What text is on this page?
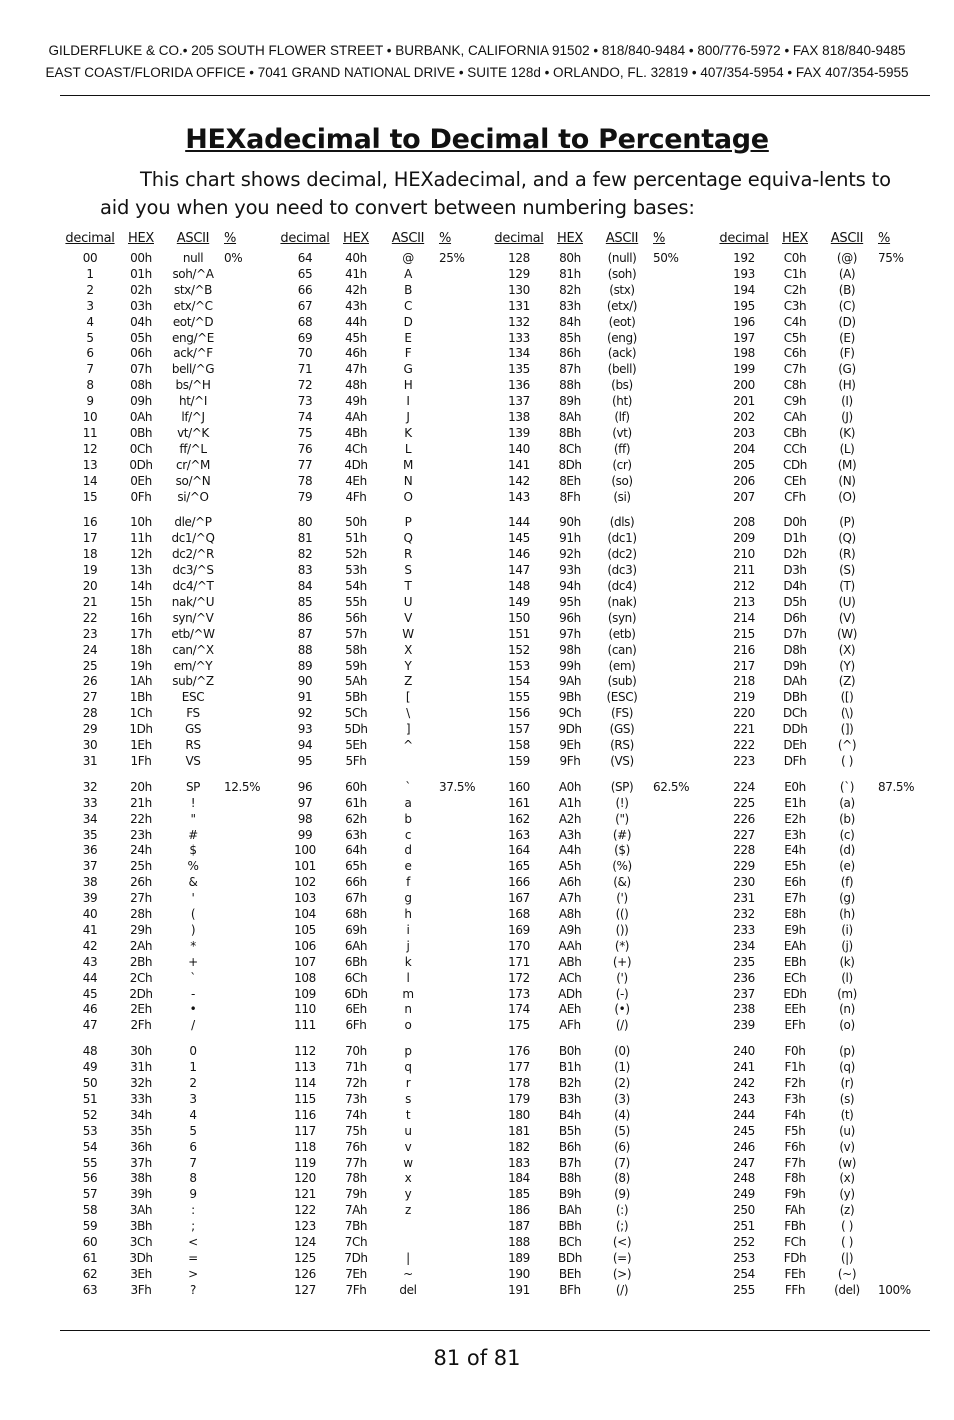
GILDERFLUKE & CO.• 205 SOUTH FLOWER STREET • BURBANK, CALIFORNIA 91502 • 818/840-9484 • 800/776-5972 • FAX 818/840-9485
EAST COAST/FLORIDA OFFICE • 7041 GRAND NATIONAL DRIVE • SUITE 128d • ORLANDO, FL. 32819 • 407/354-5954 • FAX 407/354-5955
HEXadecimal to Decimal to Percentage
This chart shows decimal, HEXadecimal, and a few percentage equiva-lents to aid you when you need to convert between numbering bases:
decimal	HEX	ASCII	%	decimal	HEX	ASCII	%	decimal	HEX	ASCII	%	decimal	HEX	ASCII	%
00	00h	null	0%
1	01h	soh/^A
2	02h	stx/^B
3	03h	etx/^C
4	04h	eot/^D
5	05h	eng/^E
6	06h	ack/^F
7	07h	bell/^G
8	08h	bs/^H
9	09h	ht/^I
10	0Ah	lf/^J
11	0Bh	vt/^K
12	0Ch	ff/^L
13	0Dh	cr/^M
14	0Eh	so/^N
15	0Fh	si/^O
16	10h	dle/^P
17	11h	dc1/^Q
18	12h	dc2/^R
19	13h	dc3/^S
20	14h	dc4/^T
21	15h	nak/^U
22	16h	syn/^V
23	17h	etb/^W
24	18h	can/^X
25	19h	em/^Y
26	1Ah	sub/^Z
27	1Bh	ESC
28	1Ch	FS
29	1Dh	GS
30	1Eh	RS
31	1Fh	VS
32	20h	SP	12.5%
33	21h	!
34	22h	"
35	23h	#
36	24h	$
37	25h	%
38	26h	&
39	27h	'
40	28h	(
41	29h	)
42	2Ah	*
43	2Bh	+
44	2Ch	`
45	2Dh	-
46	2Eh	•
47	2Fh	/
48	30h	0
49	31h	1
50	32h	2
51	33h	3
52	34h	4
53	35h	5
54	36h	6
55	37h	7
56	38h	8
57	39h	9
58	3Ah	:
59	3Bh	;
60	3Ch	<
61	3Dh	=
62	3Eh	>
63	3Fh	?
64	40h	@	25%
65	41h	A
66	42h	B
67	43h	C
68	44h	D
69	45h	E
70	46h	F
71	47h	G
72	48h	H
73	49h	I
74	4Ah	J
75	4Bh	K
76	4Ch	L
77	4Dh	M
78	4Eh	N
79	4Fh	O
80	50h	P
81	51h	Q
82	52h	R
83	53h	S
84	54h	T
85	55h	U
86	56h	V
87	57h	W
88	58h	X
89	59h	Y
90	5Ah	Z
91	5Bh	[
92	5Ch	\
93	5Dh	]
94	5Eh	^
95	5Fh
96	60h	`	37.5%
97	61h	a
98	62h	b
99	63h	c
100	64h	d
101	65h	e
102	66h	f
103	67h	g
104	68h	h
105	69h	i
106	6Ah	j
107	6Bh	k
108	6Ch	l
109	6Dh	m
110	6Eh	n
111	6Fh	o
112	70h	p
113	71h	q
114	72h	r
115	73h	s
116	74h	t
117	75h	u
118	76h	v
119	77h	w
120	78h	x
121	79h	y
122	7Ah	z
123	7Bh
124	7Ch
125	7Dh	|
126	7Eh	~
127	7Fh	del
128	80h	(null)	50%
129	81h	(soh)
130	82h	(stx)
131	83h	(etx/)
132	84h	(eot)
133	85h	(eng)
134	86h	(ack)
135	87h	(bell)
136	88h	(bs)
137	89h	(ht)
138	8Ah	(lf)
139	8Bh	(vt)
140	8Ch	(ff)
141	8Dh	(cr)
142	8Eh	(so)
143	8Fh	(si)
144	90h	(dls)
145	91h	(dc1)
146	92h	(dc2)
147	93h	(dc3)
148	94h	(dc4)
149	95h	(nak)
150	96h	(syn)
151	97h	(etb)
152	98h	(can)
153	99h	(em)
154	9Ah	(sub)
155	9Bh	(ESC)
156	9Ch	(FS)
157	9Dh	(GS)
158	9Eh	(RS)
159	9Fh	(VS)
160	A0h	(SP)	62.5%
161	A1h	(!)
162	A2h	(")
163	A3h	(#)
164	A4h	($)
165	A5h	(%)
166	A6h	(&)
167	A7h	(')
168	A8h	(()
169	A9h	())
170	AAh	(*)
171	ABh	(+)
172	ACh	(')
173	ADh	(-)
174	AEh	(•)
175	AFh	(/)
176	B0h	(0)
177	B1h	(1)
178	B2h	(2)
179	B3h	(3)
180	B4h	(4)
181	B5h	(5)
182	B6h	(6)
183	B7h	(7)
184	B8h	(8)
185	B9h	(9)
186	BAh	(:)
187	BBh	(;)
188	BCh	(<)
189	BDh	(=)
190	BEh	(>)
191	BFh	(/)
192	C0h	(@)	75%
193	C1h	(A)
194	C2h	(B)
195	C3h	(C)
196	C4h	(D)
197	C5h	(E)
198	C6h	(F)
199	C7h	(G)
200	C8h	(H)
201	C9h	(I)
202	CAh	(J)
203	CBh	(K)
204	CCh	(L)
205	CDh	(M)
206	CEh	(N)
207	CFh	(O)
208	D0h	(P)
209	D1h	(Q)
210	D2h	(R)
211	D3h	(S)
212	D4h	(T)
213	D5h	(U)
214	D6h	(V)
215	D7h	(W)
216	D8h	(X)
217	D9h	(Y)
218	DAh	(Z)
219	DBh	([)
220	DCh	(\)
221	DDh	(])
222	DEh	(^)
223	DFh	( )
224	E0h	(`)	87.5%
225	E1h	(a)
226	E2h	(b)
227	E3h	(c)
228	E4h	(d)
229	E5h	(e)
230	E6h	(f)
231	E7h	(g)
232	E8h	(h)
233	E9h	(i)
234	EAh	(j)
235	EBh	(k)
236	ECh	(l)
237	EDh	(m)
238	EEh	(n)
239	EFh	(o)
240	F0h	(p)
241	F1h	(q)
242	F2h	(r)
243	F3h	(s)
244	F4h	(t)
245	F5h	(u)
246	F6h	(v)
247	F7h	(w)
248	F8h	(x)
249	F9h	(y)
250	FAh	(z)
251	FBh	( )
252	FCh	( )
253	FDh	(|)
254	FEh	(~)
255	FFh	(del)	100%
81 of 81
